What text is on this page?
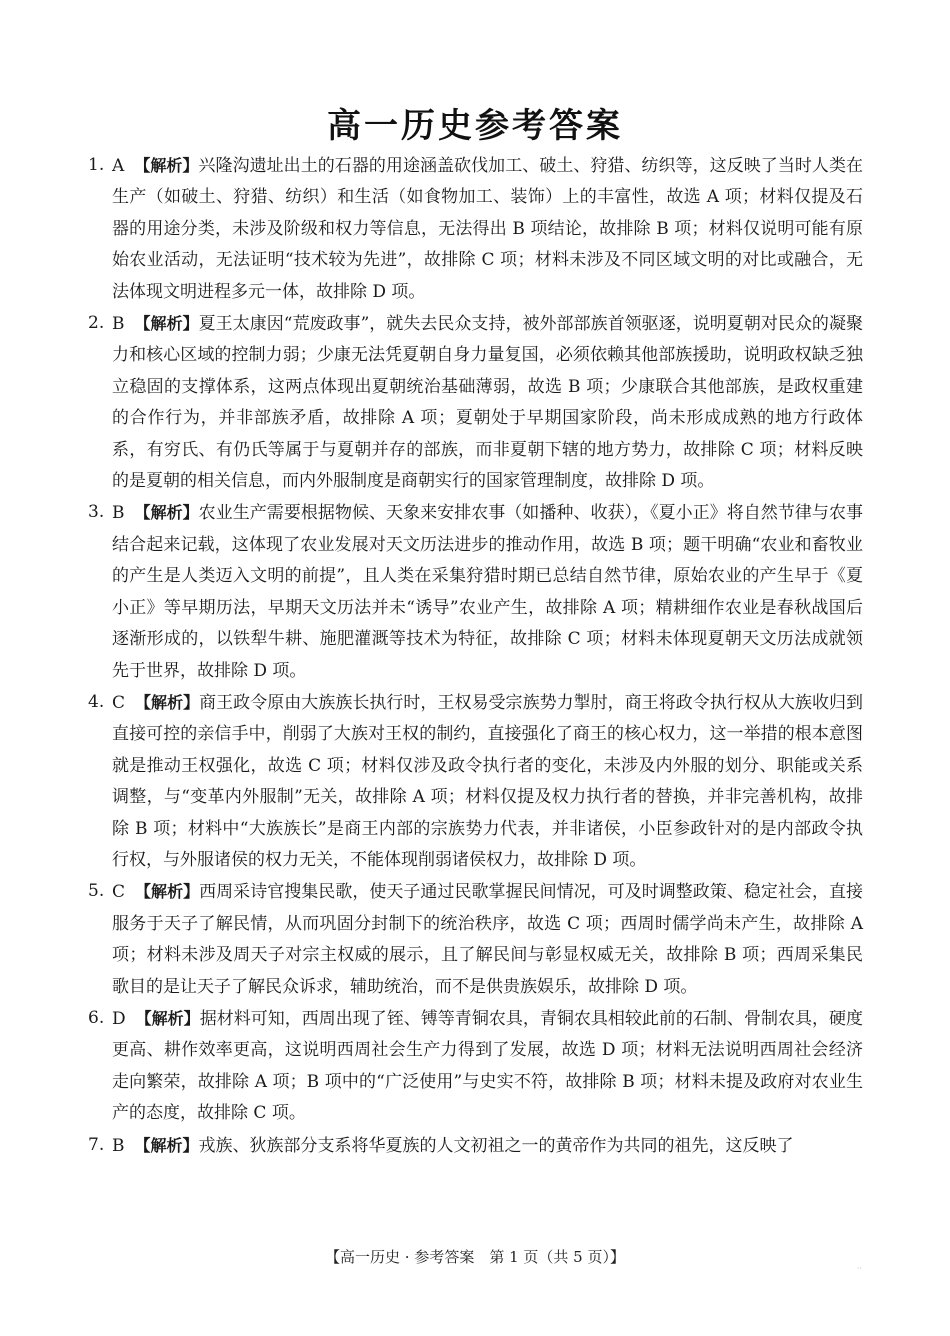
高一历史参考答案

1. A 【解析】兴隆沟遗址出土的石器的用途涵盖砍伐加工、破土、狩猎、纺织等，这反映了当时人类在生产（如破土、狩猎、纺织）和生活（如食物加工、装饰）上的丰富性，故选 A 项；材料仅提及石器的用途分类，未涉及阶级和权力等信息，无法得出 B 项结论，故排除 B 项；材料仅说明可能有原始农业活动，无法证明“技术较为先进”，故排除 C 项；材料未涉及不同区域文明的对比或融合，无法体现文明进程多元一体，故排除 D 项。

2. B 【解析】夏王太康因“荒废政事”，就失去民众支持，被外部部族首领驱逐，说明夏朝对民众的凝聚力和核心区域的控制力弱；少康无法凭夏朝自身力量复国，必须依赖其他部族援助，说明政权缺乏独立稳固的支撑体系，这两点体现出夏朝统治基础薄弱，故选 B 项；少康联合其他部族，是政权重建的合作行为，并非部族矛盾，故排除 A 项；夏朝处于早期国家阶段，尚未形成成熟的地方行政体系，有穷氏、有仍氏等属于与夏朝并存的部族，而非夏朝下辖的地方势力，故排除 C 项；材料反映的是夏朝的相关信息，而内外服制度是商朝实行的国家管理制度，故排除 D 项。

3. B 【解析】农业生产需要根据物候、天象来安排农事（如播种、收获），《夏小正》将自然节律与农事结合起来记载，这体现了农业发展对天文历法进步的推动作用，故选 B 项；题干明确“农业和畜牧业的产生是人类迈入文明的前提”，且人类在采集狩猎时期已总结自然节律，原始农业的产生早于《夏小正》等早期历法，早期天文历法并未“诱导”农业产生，故排除 A 项；精耕细作农业是春秋战国后逐渐形成的，以铁犁牛耕、施肥灌溉等技术为特征，故排除 C 项；材料未体现夏朝天文历法成就领先于世界，故排除 D 项。

4. C 【解析】商王政令原由大族族长执行时，王权易受宗族势力掣肘，商王将政令执行权从大族收归到直接可控的亲信手中，削弱了大族对王权的制约，直接强化了商王的核心权力，这一举措的根本意图就是推动王权强化，故选 C 项；材料仅涉及政令执行者的变化，未涉及内外服的划分、职能或关系调整，与“变革内外服制”无关，故排除 A 项；材料仅提及权力执行者的替换，并非完善机构，故排除 B 项；材料中“大族族长”是商王内部的宗族势力代表，并非诸侯，小臣参政针对的是内部政令执行权，与外服诸侯的权力无关，不能体现削弱诸侯权力，故排除 D 项。

5. C 【解析】西周采诗官搜集民歌，使天子通过民歌掌握民间情况，可及时调整政策、稳定社会，直接服务于天子了解民情，从而巩固分封制下的统治秩序，故选 C 项；西周时儒学尚未产生，故排除 A 项；材料未涉及周天子对宗主权威的展示，且了解民间与彰显权威无关，故排除 B 项；西周采集民歌目的是让天子了解民众诉求，辅助统治，而不是供贵族娱乐，故排除 D 项。

6. D 【解析】据材料可知，西周出现了铚、镈等青铜农具，青铜农具相较此前的石制、骨制农具，硬度更高、耕作效率更高，这说明西周社会生产力得到了发展，故选 D 项；材料无法说明西周社会经济走向繁荣，故排除 A 项；B 项中的“广泛使用”与史实不符，故排除 B 项；材料未提及政府对农业生产的态度，故排除 C 项。

7. B 【解析】戎族、狄族部分支系将华夏族的人文初祖之一的黄帝作为共同的祖先，这反映了

【高一历史 · 参考答案　第 1 页（共 5 页）】
··
